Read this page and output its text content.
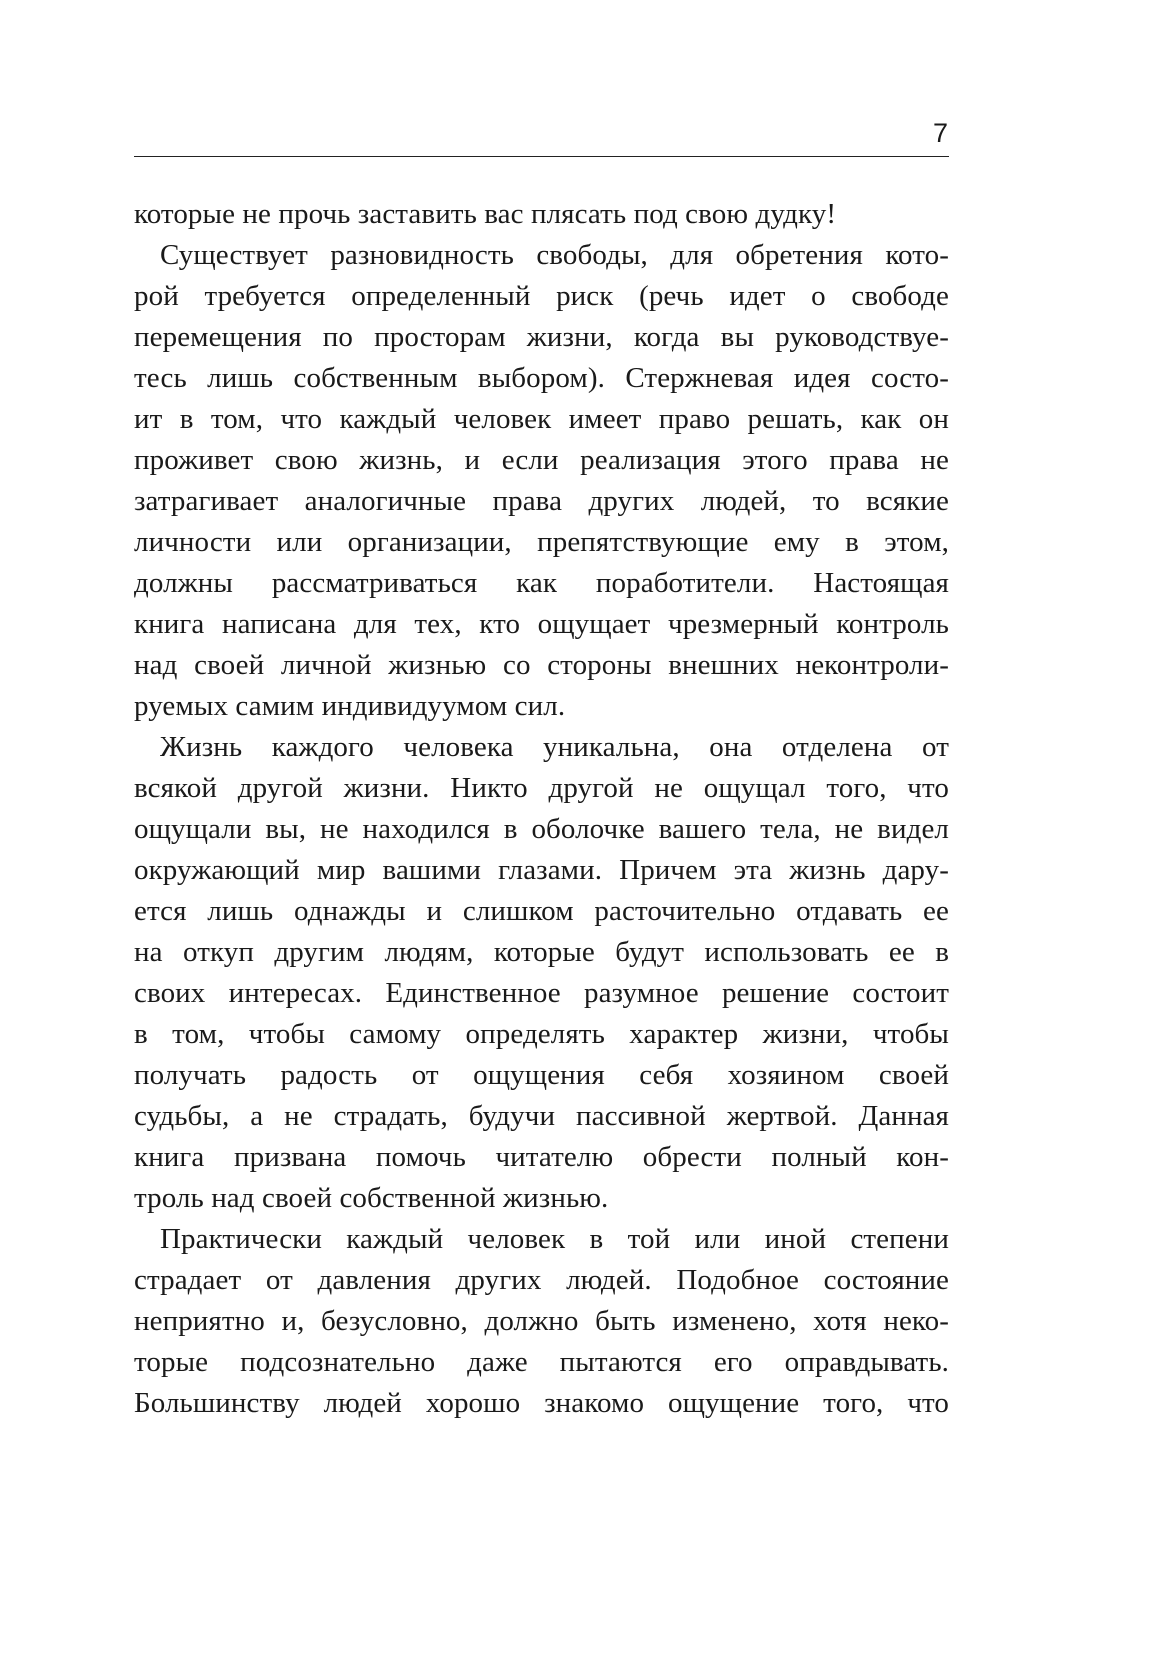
7
которые не прочь заставить вас плясать под свою дудку!
Существует разновидность свободы, для обретения кото-
рой требуется определенный риск (речь идет о свободе
перемещения по просторам жизни, когда вы руководствуе-
тесь лишь собственным выбором). Стержневая идея состо-
ит в том, что каждый человек имеет право решать, как он
проживет свою жизнь, и если реализация этого права не
затрагивает аналогичные права других людей, то всякие
личности или организации, препятствующие ему в этом,
должны рассматриваться как поработители. Настоящая
книга написана для тех, кто ощущает чрезмерный контроль
над своей личной жизнью со стороны внешних неконтроли-
руемых самим индивидуумом сил.
Жизнь каждого человека уникальна, она отделена от
всякой другой жизни. Никто другой не ощущал того, что
ощущали вы, не находился в оболочке вашего тела, не видел
окружающий мир вашими глазами. Причем эта жизнь дару-
ется лишь однажды и слишком расточительно отдавать ее
на откуп другим людям, которые будут использовать ее в
своих интересах. Единственное разумное решение состоит
в том, чтобы самому определять характер жизни, чтобы
получать радость от ощущения себя хозяином своей
судьбы, а не страдать, будучи пассивной жертвой. Данная
книга призвана помочь читателю обрести полный кон-
троль над своей собственной жизнью.
Практически каждый человек в той или иной степени
страдает от давления других людей. Подобное состояние
неприятно и, безусловно, должно быть изменено, хотя неко-
торые подсознательно даже пытаются его оправдывать.
Большинству людей хорошо знакомо ощущение того, что
